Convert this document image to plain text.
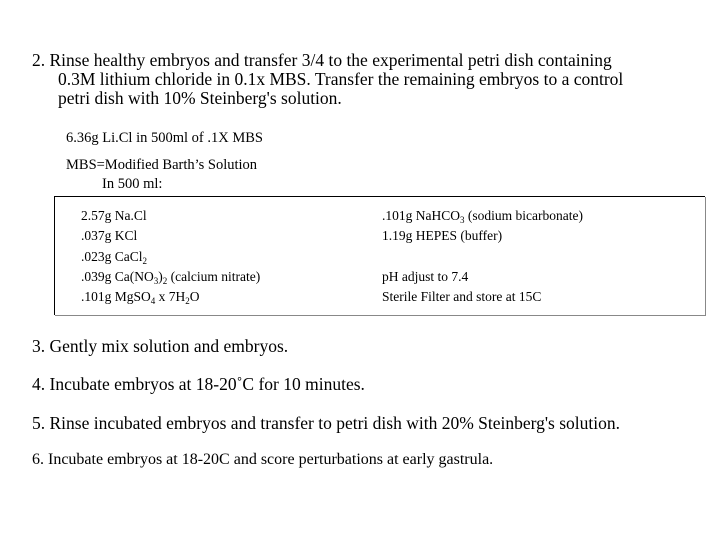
2. Rinse healthy embryos and transfer 3/4 to the experimental petri dish containing
0.3M lithium chloride in 0.1x MBS. Transfer the remaining embryos to a control
petri dish with 10% Steinberg's solution.
6.36g Li.Cl in 500ml of .1X MBS
MBS=Modified Barth’s Solution
In 500 ml:
2.57g Na.Cl
.037g KCl
.023g CaCl$_2$
.039g $Ca(NO_3)_2$ (calcium nitrate)
.101g MgSO$_4$ x $7H_2O$
.101g NaHCO$_3$ (sodium bicarbonate)
1.19g HEPES (buffer)
pH adjust to 7.4
Sterile Filter and store at 15C
3. Gently mix solution and embryos.
4. Incubate embryos at 18-20˚C for 10 minutes.
5. Rinse incubated embryos and transfer to petri dish with 20% Steinberg's solution.
6. Incubate embryos at 18-20C and score perturbations at early gastrula.
